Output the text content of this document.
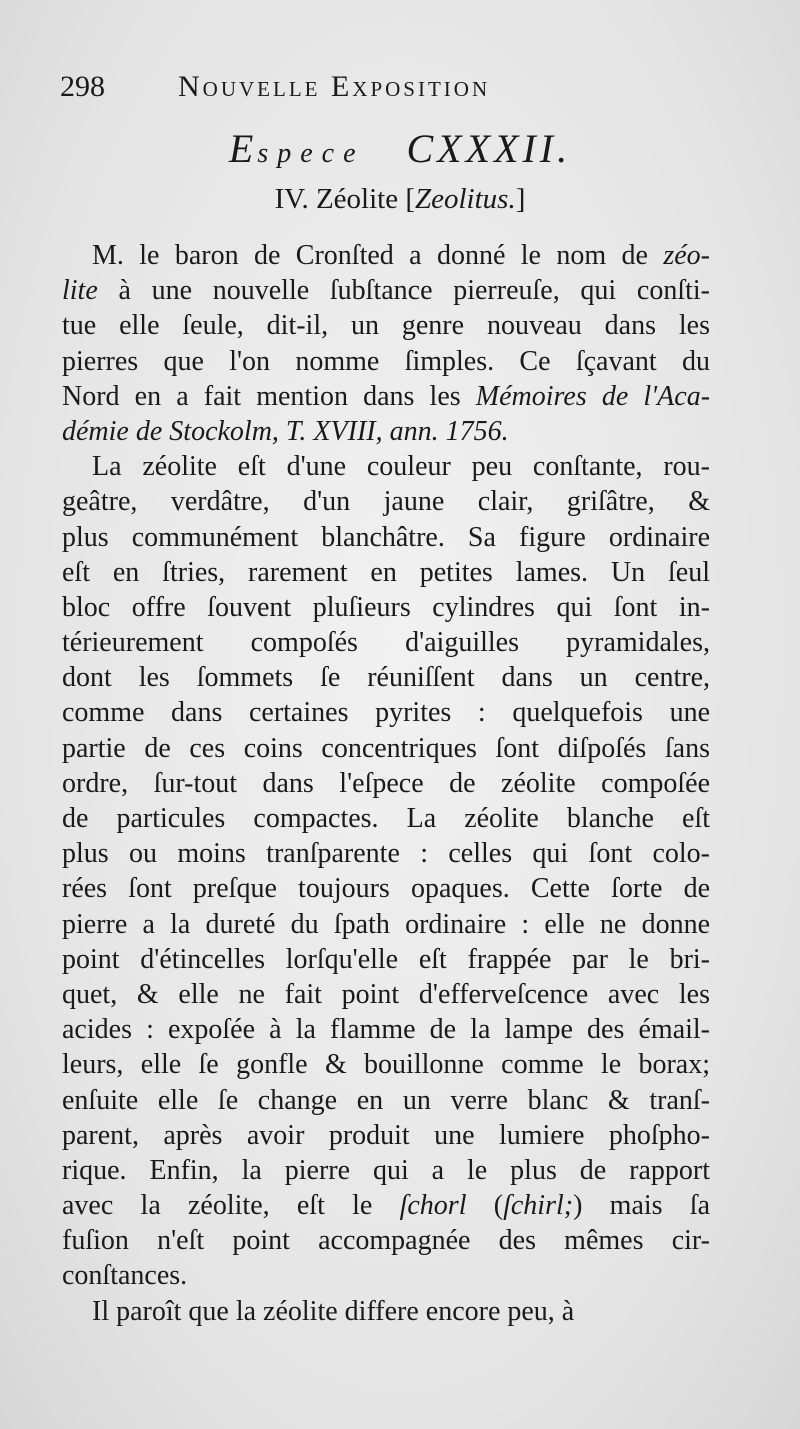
298 Nouvelle Exposition
Espece CXXXII.
IV. Zéolite [Zeolitus.]
M. le baron de Cronſted a donné le nom de zéo-
lite à une nouvelle ſubſtance pierreuſe, qui conſti-
tue elle ſeule, dit-il, un genre nouveau dans les
pierres que l'on nomme ſimples. Ce ſçavant du
Nord en a fait mention dans les Mémoires de l'Aca-
démie de Stockolm, T. XVIII, ann. 1756.
La zéolite eſt d'une couleur peu conſtante, rou-
geâtre, verdâtre, d'un jaune clair, griſâtre, &
plus communément blanchâtre. Sa figure ordinaire
eſt en ſtries, rarement en petites lames. Un ſeul
bloc offre ſouvent pluſieurs cylindres qui ſont in-
térieurement compoſés d'aiguilles pyramidales,
dont les ſommets ſe réuniſſent dans un centre,
comme dans certaines pyrites : quelquefois une
partie de ces coins concentriques ſont diſpoſés ſans
ordre, ſur-tout dans l'eſpece de zéolite compoſée
de particules compactes. La zéolite blanche eſt
plus ou moins tranſparente : celles qui ſont colo-
rées ſont preſque toujours opaques. Cette ſorte de
pierre a la dureté du ſpath ordinaire : elle ne donne
point d'étincelles lorſqu'elle eſt frappée par le bri-
quet, & elle ne fait point d'efferveſcence avec les
acides : expoſée à la flamme de la lampe des émail-
leurs, elle ſe gonfle & bouillonne comme le borax;
enſuite elle ſe change en un verre blanc & tranſ-
parent, après avoir produit une lumiere phoſpho-
rique. Enfin, la pierre qui a le plus de rapport
avec la zéolite, eſt le ſchorl (ſchirl;) mais ſa
fuſion n'eſt point accompagnée des mêmes cir-
conſtances.
Il paroît que la zéolite differe encore peu, à
